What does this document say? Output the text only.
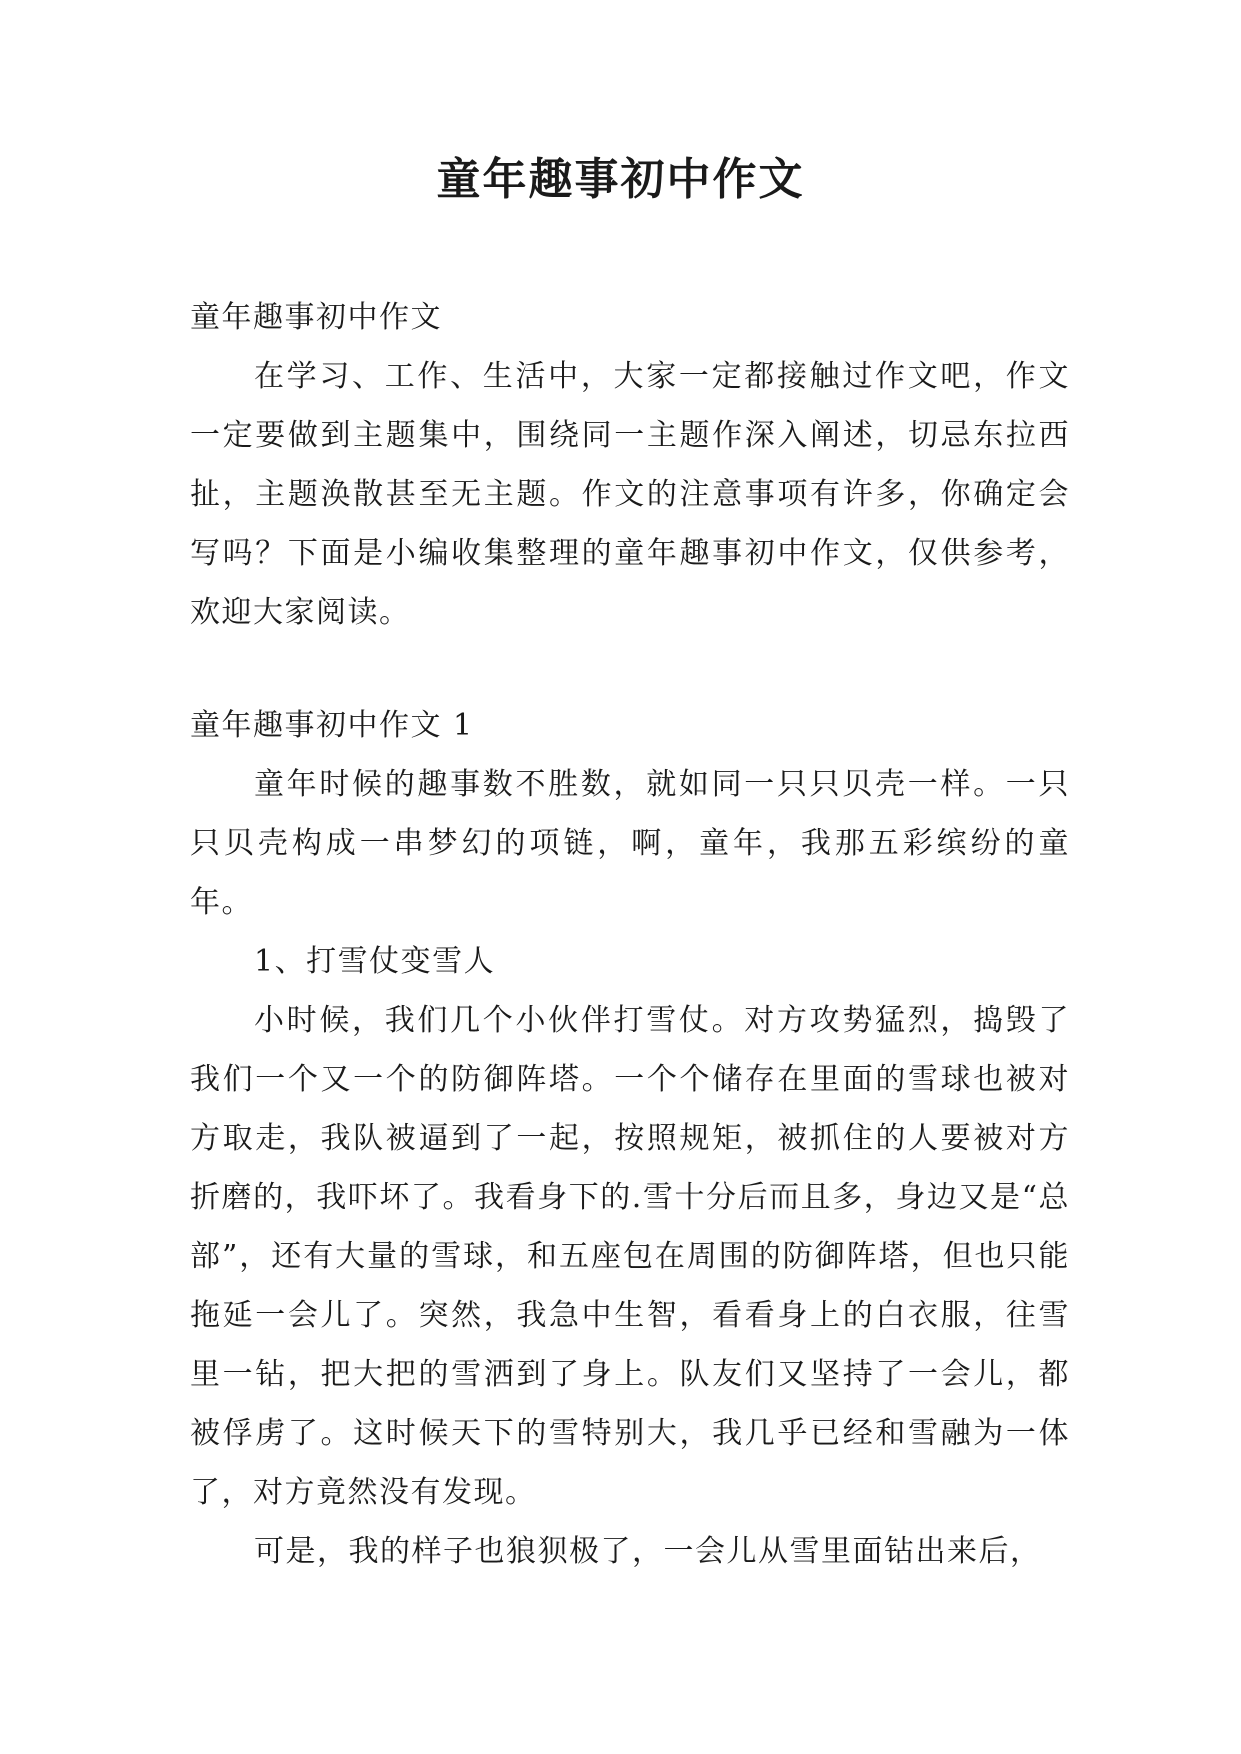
童年趣事初中作文

童年趣事初中作文

在学习、工作、生活中，大家一定都接触过作文吧，作文一定要做到主题集中，围绕同一主题作深入阐述，切忌东拉西扯，主题涣散甚至无主题。作文的注意事项有许多，你确定会写吗？下面是小编收集整理的童年趣事初中作文，仅供参考，欢迎大家阅读。

童年趣事初中作文 1

童年时候的趣事数不胜数，就如同一只只贝壳一样。一只只贝壳构成一串梦幻的项链，啊，童年，我那五彩缤纷的童年。

1、打雪仗变雪人

小时候，我们几个小伙伴打雪仗。对方攻势猛烈，捣毁了我们一个又一个的防御阵塔。一个个储存在里面的雪球也被对方取走，我队被逼到了一起，按照规矩，被抓住的人要被对方折磨的，我吓坏了。我看身下的.雪十分后而且多，身边又是“总部”，还有大量的雪球，和五座包在周围的防御阵塔，但也只能拖延一会儿了。突然，我急中生智，看看身上的白衣服，往雪里一钻，把大把的雪洒到了身上。队友们又坚持了一会儿，都被俘虏了。这时候天下的雪特别大，我几乎已经和雪融为一体了，对方竟然没有发现。

可是，我的样子也狼狈极了，一会儿从雪里面钻出来后，
